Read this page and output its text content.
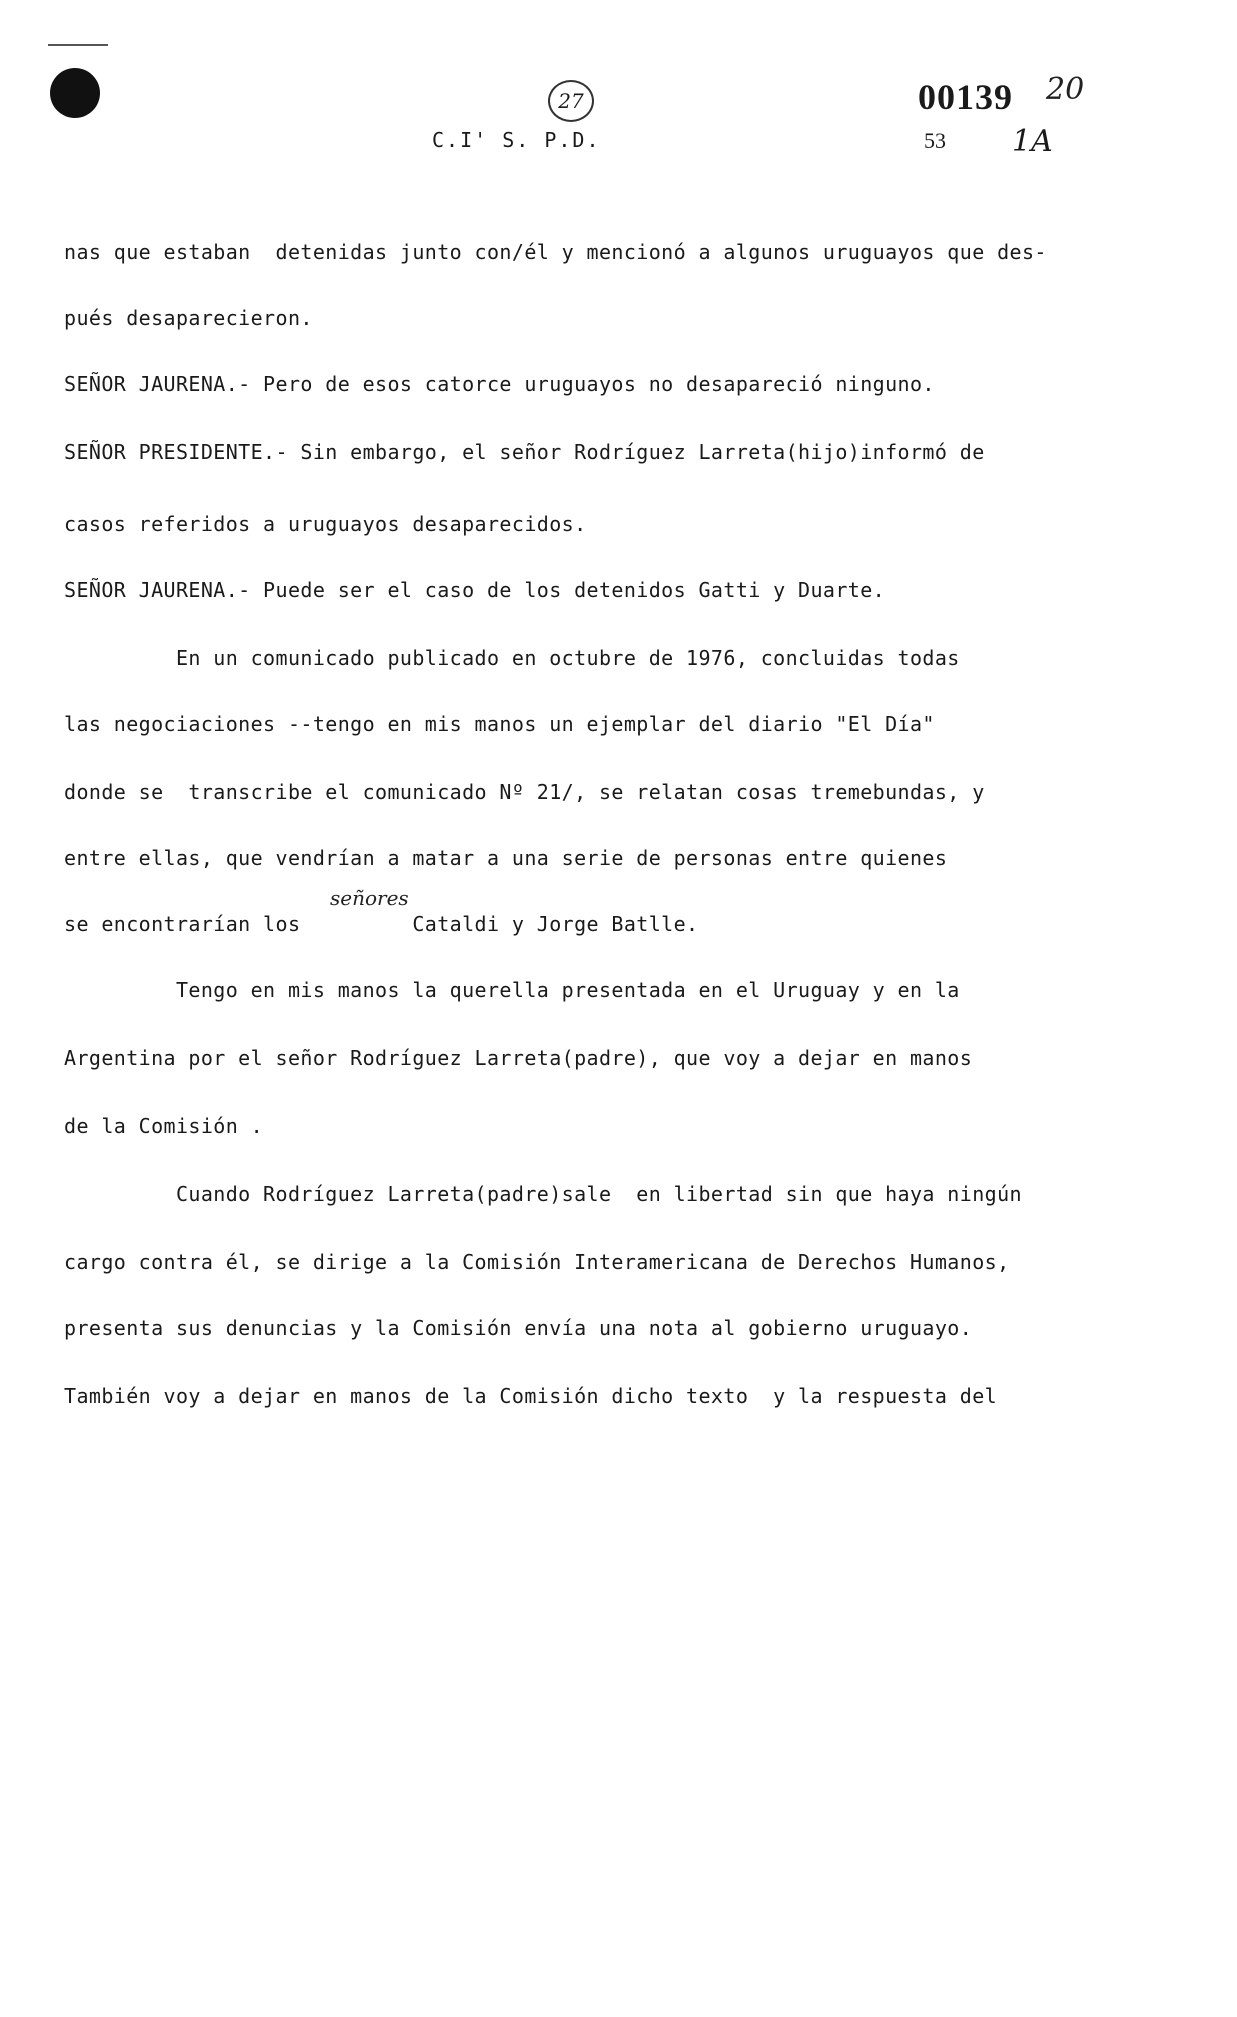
27
C.I' S. P.D.
00139 20
53 1A
nas que estaban  detenidas junto con/él y mencionó a algunos uruguayos que des-
pués desaparecieron.
SEÑOR JAURENA.- Pero de esos catorce uruguayos no desapareció ninguno.
SEÑOR PRESIDENTE.- Sin embargo, el señor Rodríguez Larreta(hijo)informó de
casos referidos a uruguayos desaparecidos.
SEÑOR JAURENA.- Puede ser el caso de los detenidos Gatti y Duarte.
En un comunicado publicado en octubre de 1976, concluidas todas
las negociaciones --tengo en mis manos un ejemplar del diario "El Día"
donde se  transcribe el comunicado Nº 21/, se relatan cosas tremebundas, y
entre ellas, que vendrían a matar a una serie de personas entre quienes
señores
se encontrarían los         Cataldi y Jorge Batlle.
Tengo en mis manos la querella presentada en el Uruguay y en la
Argentina por el señor Rodríguez Larreta(padre), que voy a dejar en manos
de la Comisión .
Cuando Rodríguez Larreta(padre)sale  en libertad sin que haya ningún
cargo contra él, se dirige a la Comisión Interamericana de Derechos Humanos,
presenta sus denuncias y la Comisión envía una nota al gobierno uruguayo.
También voy a dejar en manos de la Comisión dicho texto  y la respuesta del
